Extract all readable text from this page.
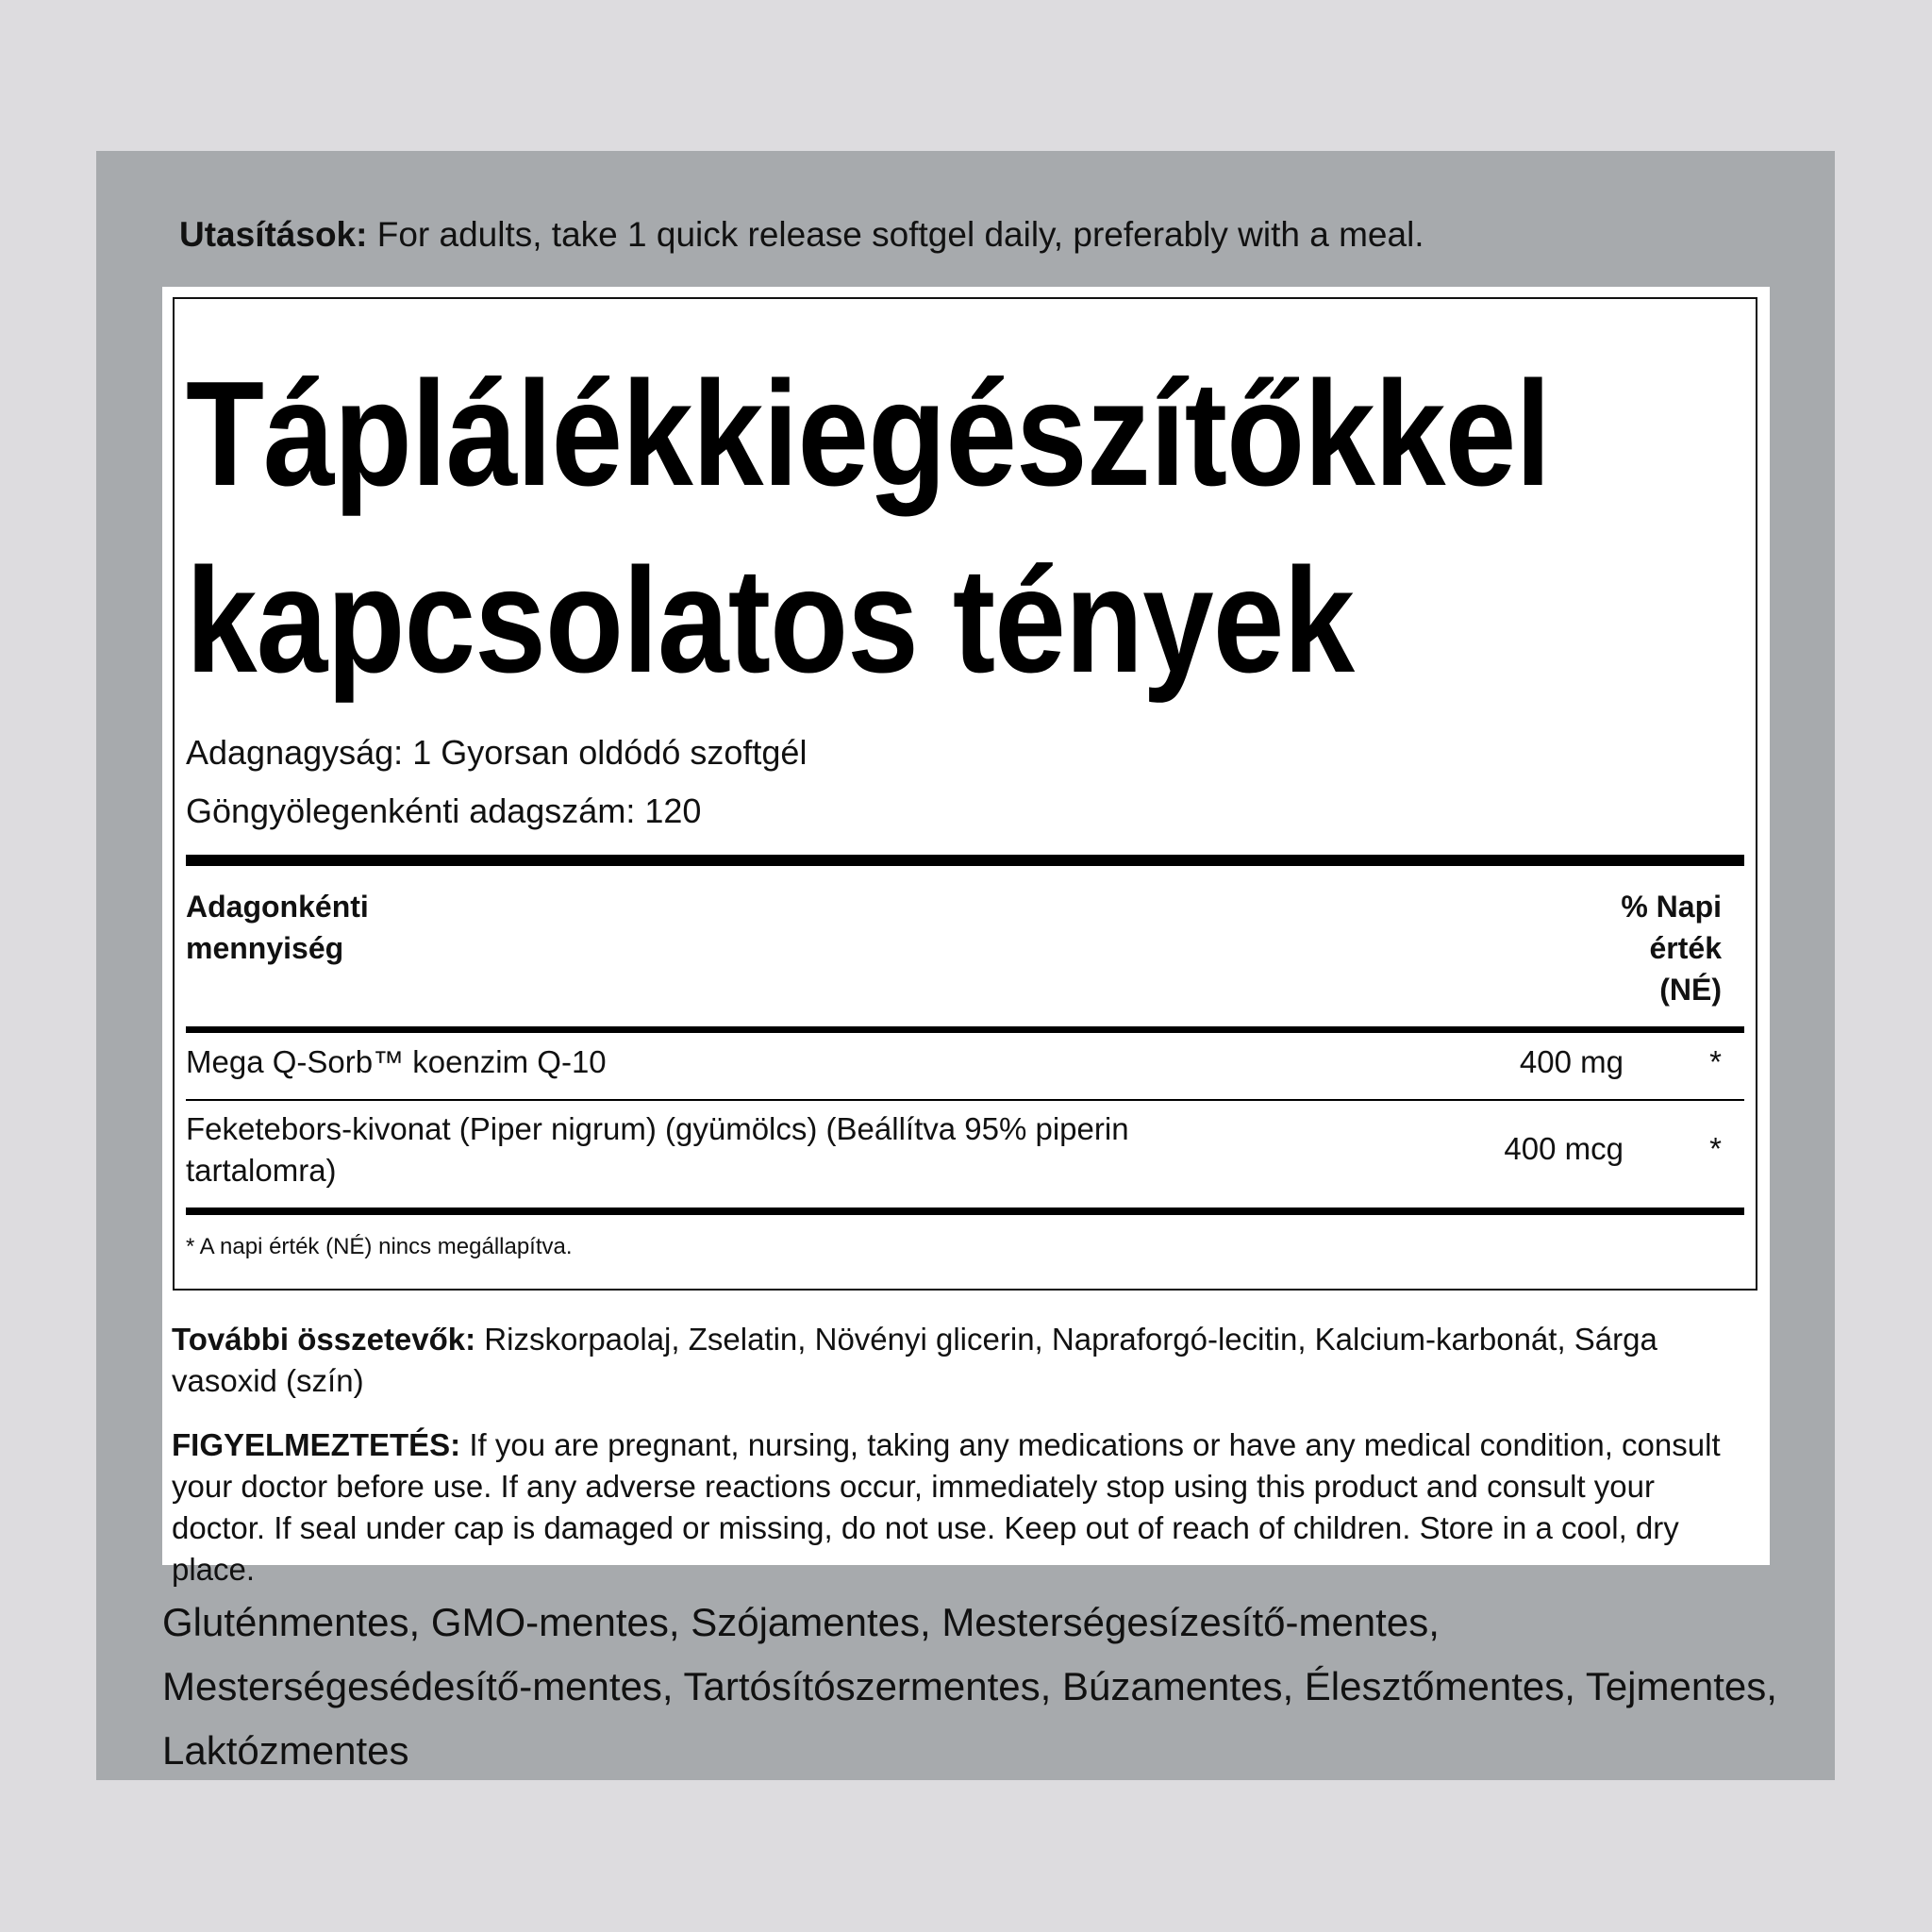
Utasítások: For adults, take 1 quick release softgel daily, preferably with a meal.
Táplálékkiegészítőkkel
kapcsolatos tények
Adagnagyság: 1 Gyorsan oldódó szoftgél
Göngyölegenkénti adagszám: 120
Adagonkénti
mennyiség
% Napi
érték
(NÉ)
Mega Q-Sorb™ koenzim Q-10	400 mg	*
Feketebors-kivonat (Piper nigrum) (gyümölcs) (Beállítva 95% piperin
tartalomra)
400 mcg	*
* A napi érték (NÉ) nincs megállapítva.
További összetevők: Rizskorpaolaj, Zselatin, Növényi glicerin, Napraforgó-lecitin, Kalcium-karbonát, Sárga vasoxid (szín)
FIGYELMEZTETÉS: If you are pregnant, nursing, taking any medications or have any medical condition, consult your doctor before use. If any adverse reactions occur, immediately stop using this product and consult your doctor. If seal under cap is damaged or missing, do not use. Keep out of reach of children. Store in a cool, dry place.
Gluténmentes, GMO-mentes, Szójamentes, Mesterségesízesítő-mentes, Mesterségesédesítő-mentes, Tartósítószermentes, Búzamentes, Élesztőmentes, Tejmentes, Laktózmentes
